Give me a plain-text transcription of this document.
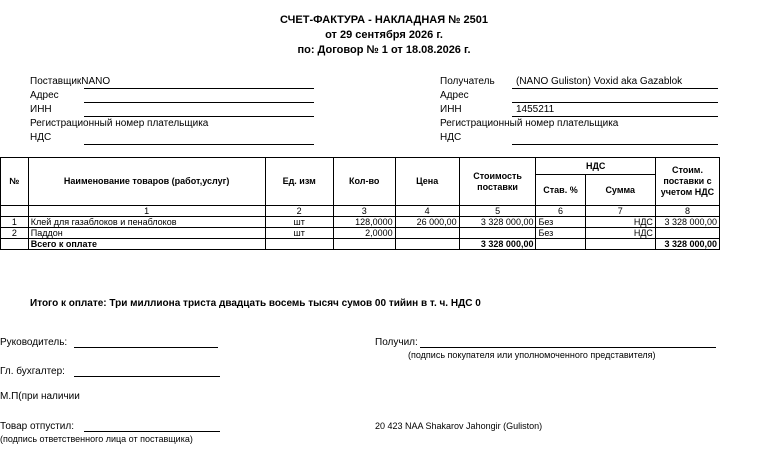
СЧЕТ-ФАКТУРА - НАКЛАДНАЯ № 2501
от 29 сентября 2026 г.
по: Договор № 1 от 18.08.2026 г.
ПоставщикNANO
Адрес
ИНН
Регистрационный номер плательщика
НДС
Получатель (NANO Guliston) Voxid aka Gazablok
Адрес
ИНН	1455211
Регистрационный номер плательщика
НДС
№	Наименование товаров (работ,услуг)	Ед. изм	Кол-во	Цена	Стоимость поставки	НДС		Стоим. поставки с учетом НДС
						Став. %	Сумма	
	1	2	3	4	5	6	7	8
1	Клей для газаблоков и пенаблоков	шт	128,0000	26 000,00	3 328 000,00	Без	НДС	3 328 000,00
2	Паддон	шт	2,0000			Без	НДС	
	Всего к оплате				3 328 000,00			3 328 000,00
Итого к оплате: Три миллиона триста двадцать восемь тысяч сумов 00 тийин в т. ч. НДС 0
Руководитель:
Гл. бухгалтер:
М.П(при наличии
Товар отпустил:
(подпись ответственного лица от поставщика)
Получил:
(подпись покупателя или уполномоченного представителя)
20 423 NAA Shakarov Jahongir (Guliston)
